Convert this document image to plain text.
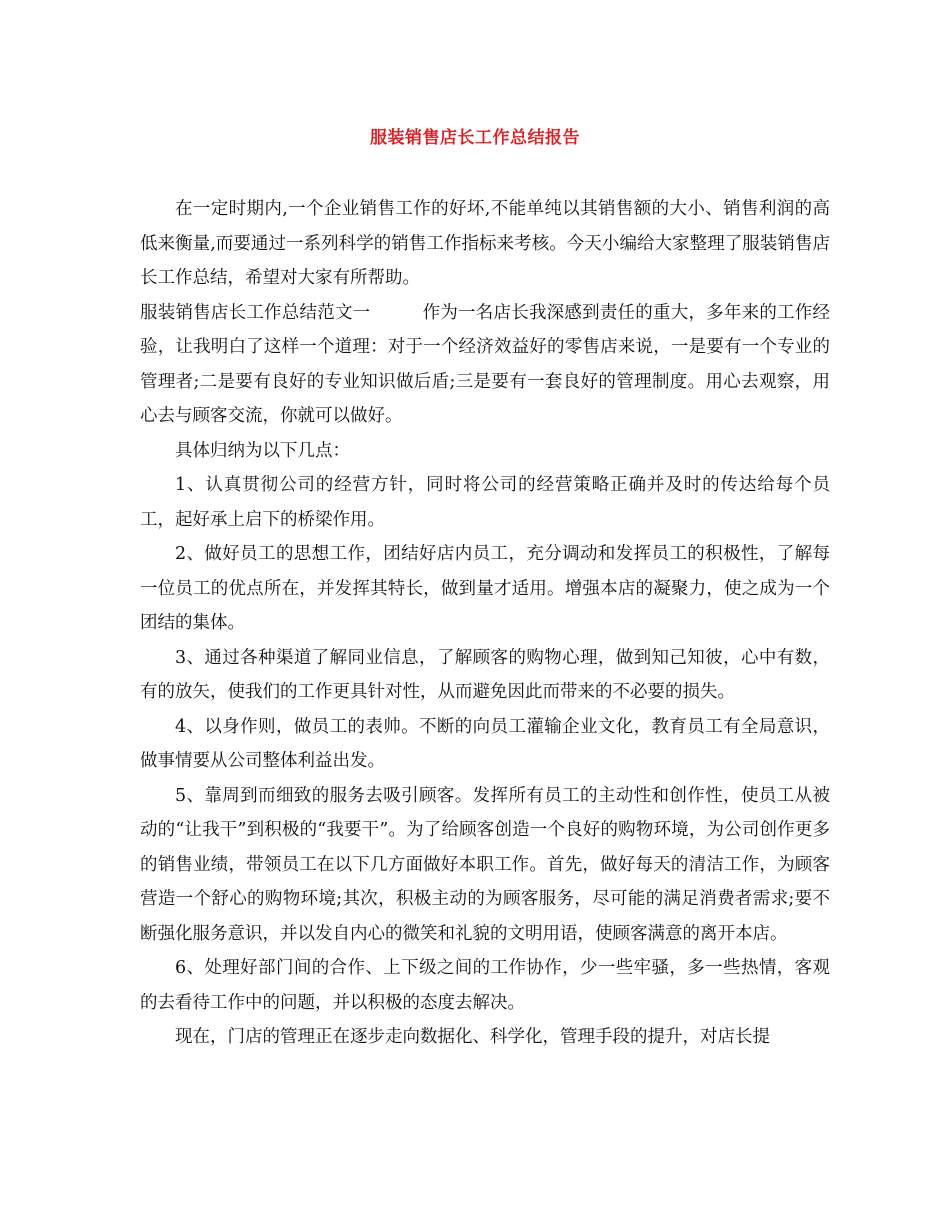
服装销售店长工作总结报告

在一定时期内,一个企业销售工作的好坏,不能单纯以其销售额的大小、销售利润的高低来衡量,而要通过一系列科学的销售工作指标来考核。今天小编给大家整理了服装销售店长工作总结，希望对大家有所帮助。

服装销售店长工作总结范文一	作为一名店长我深感到责任的重大，多年来的工作经验，让我明白了这样一个道理：对于一个经济效益好的零售店来说，一是要有一个专业的管理者;二是要有良好的专业知识做后盾;三是要有一套良好的管理制度。用心去观察，用心去与顾客交流，你就可以做好。

具体归纳为以下几点：

1、认真贯彻公司的经营方针，同时将公司的经营策略正确并及时的传达给每个员工，起好承上启下的桥梁作用。

2、做好员工的思想工作，团结好店内员工，充分调动和发挥员工的积极性，了解每一位员工的优点所在，并发挥其特长，做到量才适用。增强本店的凝聚力，使之成为一个团结的集体。

3、通过各种渠道了解同业信息，了解顾客的购物心理，做到知己知彼，心中有数，有的放矢，使我们的工作更具针对性，从而避免因此而带来的不必要的损失。

4、以身作则，做员工的表帅。不断的向员工灌输企业文化，教育员工有全局意识，做事情要从公司整体利益出发。

5、靠周到而细致的服务去吸引顾客。发挥所有员工的主动性和创作性，使员工从被动的“让我干”到积极的“我要干”。为了给顾客创造一个良好的购物环境，为公司创作更多的销售业绩，带领员工在以下几方面做好本职工作。首先，做好每天的清洁工作，为顾客营造一个舒心的购物环境;其次，积极主动的为顾客服务，尽可能的满足消费者需求;要不断强化服务意识，并以发自内心的微笑和礼貌的文明用语，使顾客满意的离开本店。

6、处理好部门间的合作、上下级之间的工作协作，少一些牢骚，多一些热情，客观的去看待工作中的问题，并以积极的态度去解决。

现在，门店的管理正在逐步走向数据化、科学化，管理手段的提升，对店长提
